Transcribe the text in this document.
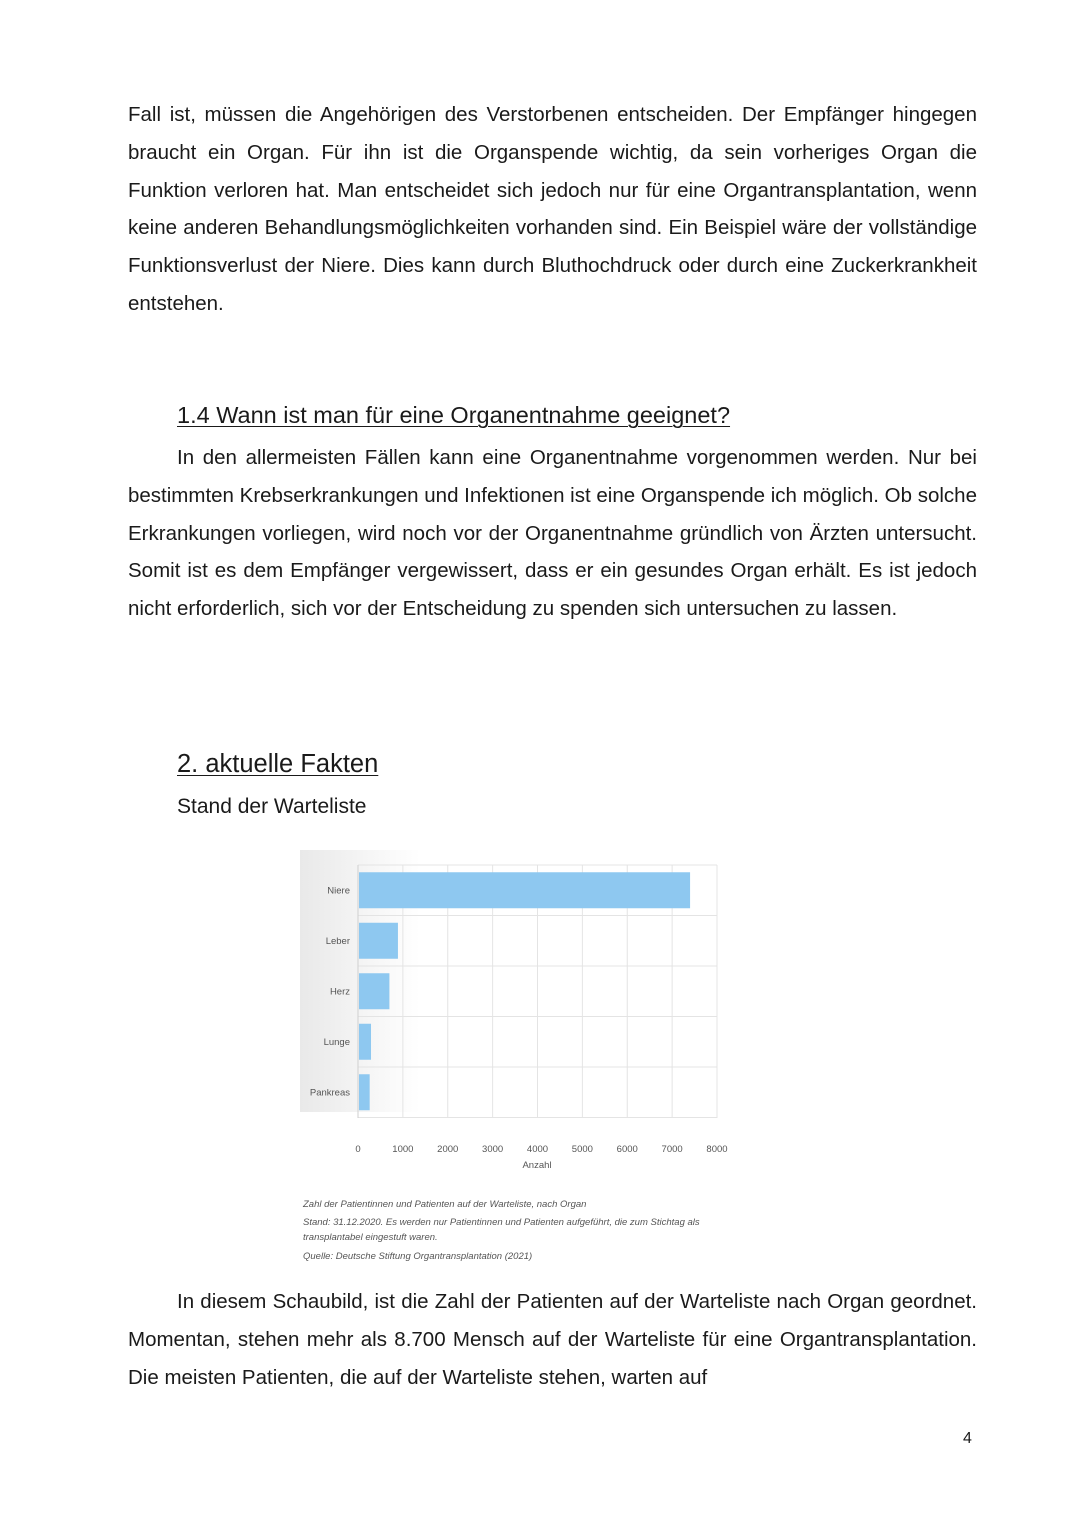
Fall ist, müssen die Angehörigen des Verstorbenen entscheiden. Der Empfänger hingegen braucht ein Organ. Für ihn ist die Organspende wichtig, da sein vorheriges Organ die Funktion verloren hat. Man entscheidet sich jedoch nur für eine Organtransplantation, wenn keine anderen Behandlungsmöglichkeiten vorhanden sind. Ein Beispiel wäre der vollständige Funktionsverlust der Niere. Dies kann durch Bluthochdruck oder durch eine Zuckerkrankheit entstehen.

1.4 Wann ist man für eine Organentnahme geeignet?

In den allermeisten Fällen kann eine Organentnahme vorgenommen werden. Nur bei bestimmten Krebserkrankungen und Infektionen ist eine Organspende ich möglich. Ob solche Erkrankungen vorliegen, wird noch vor der Organentnahme gründlich von Ärzten untersucht. Somit ist es dem Empfänger vergewissert, dass er ein gesundes Organ erhält. Es ist jedoch nicht erforderlich, sich vor der Entscheidung zu spenden sich untersuchen zu lassen.

2. aktuelle Fakten

Stand der Warteliste

Niere
Leber
Herz
Lunge
Pankreas
0	1000 2000 3000 4000 5000 6000 7000 8000
Anzahl
Zahl der Patientinnen und Patienten auf der Warteliste, nach Organ
Stand: 31.12.2020. Es werden nur Patientinnen und Patienten aufgeführt, die zum Stichtag als transplantabel eingestuft waren.
Quelle: Deutsche Stiftung Organtransplantation (2021)

In diesem Schaubild, ist die Zahl der Patienten auf der Warteliste nach Organ geordnet. Momentan, stehen mehr als 8.700 Mensch auf der Warteliste für eine Organtransplantation. Die meisten Patienten, die auf der Warteliste stehen, warten auf

4
